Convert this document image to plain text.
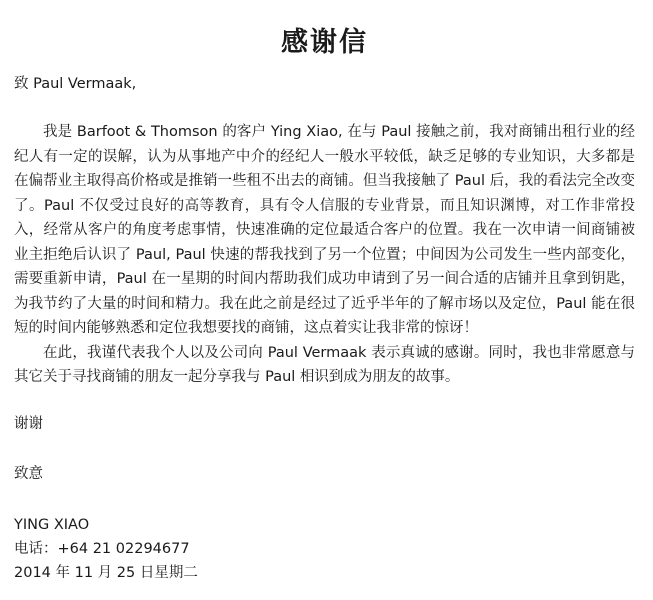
感谢信
致 Paul Vermaak,

我是 Barfoot & Thomson 的客户 Ying Xiao, 在与 Paul 接触之前，我对商铺出租行业的经纪人有一定的误解，认为从事地产中介的经纪人一般水平较低，缺乏足够的专业知识，大多都是在偏帮业主取得高价格或是推销一些租不出去的商铺。但当我接触了 Paul 后，我的看法完全改变了。Paul 不仅受过良好的高等教育，具有令人信服的专业背景，而且知识渊博，对工作非常投入，经常从客户的角度考虑事情，快速准确的定位最适合客户的位置。我在一次申请一间商铺被业主拒绝后认识了 Paul, Paul 快速的帮我找到了另一个位置；中间因为公司发生一些内部变化，需要重新申请，Paul 在一星期的时间内帮助我们成功申请到了另一间合适的店铺并且拿到钥匙，为我节约了大量的时间和精力。我在此之前是经过了近乎半年的了解市场以及定位，Paul 能在很短的时间内能够熟悉和定位我想要找的商铺，这点着实让我非常的惊讶！

在此，我谨代表我个人以及公司向 Paul Vermaak 表示真诚的感谢。同时，我也非常愿意与其它关于寻找商铺的朋友一起分享我与 Paul 相识到成为朋友的故事。

谢谢
致意
YING XIAO
电话：+64 21 02294677
2014 年 11 月 25 日星期二
